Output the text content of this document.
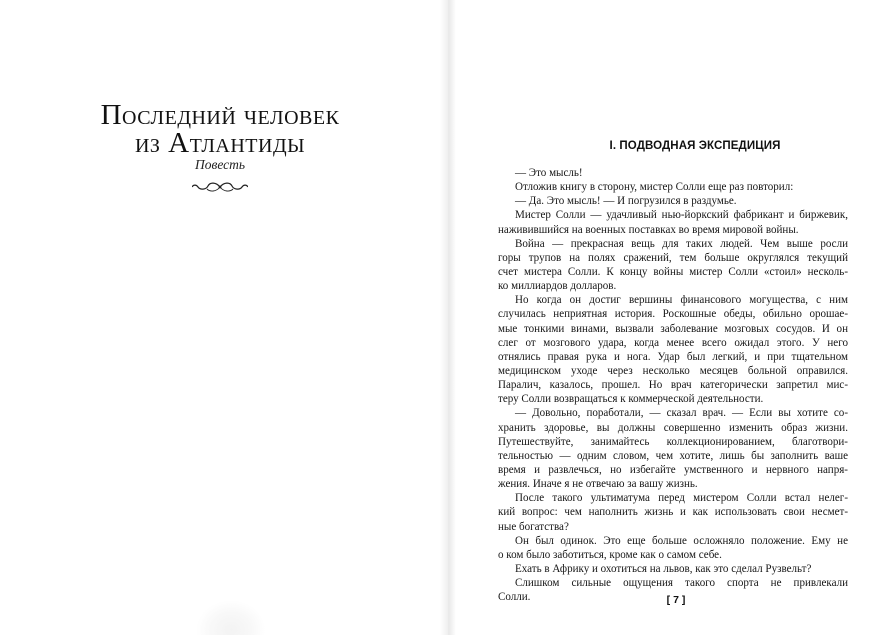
Последний человек
из Атлантиды
Повесть
I. ПОДВОДНАЯ ЭКСПЕДИЦИЯ
— Это мысль!
Отложив книгу в сторону, мистер Солли еще раз повторил:
— Да. Это мысль! — И погрузился в раздумье.
Мистер Солли — удачливый нью-йоркский фабрикант и биржевик,
наживившийся на военных поставках во время мировой войны.
Война — прекрасная вещь для таких людей. Чем выше росли
горы трупов на полях сражений, тем больше округлялся текущий
счет мистера Солли. К концу войны мистер Солли «стоил» несколь-
ко миллиардов долларов.
Но когда он достиг вершины финансового могущества, с ним
случилась неприятная история. Роскошные обеды, обильно орошае-
мые тонкими винами, вызвали заболевание мозговых сосудов. И он
слег от мозгового удара, когда менее всего ожидал этого. У него
отнялись правая рука и нога. Удар был легкий, и при тщательном
медицинском уходе через несколько месяцев больной оправился.
Паралич, казалось, прошел. Но врач категорически запретил мис-
теру Солли возвращаться к коммерческой деятельности.
— Довольно, поработали, — сказал врач. — Если вы хотите со-
хранить здоровье, вы должны совершенно изменить образ жизни.
Путешествуйте, занимайтесь коллекционированием, благотвори-
тельностью — одним словом, чем хотите, лишь бы заполнить ваше
время и развлечься, но избегайте умственного и нервного напря-
жения. Иначе я не отвечаю за вашу жизнь.
После такого ультиматума перед мистером Солли встал нелег-
кий вопрос: чем наполнить жизнь и как использовать свои несмет-
ные богатства?
Он был одинок. Это еще больше осложняло положение. Ему не
о ком было заботиться, кроме как о самом себе.
Ехать в Африку и охотиться на львов, как это сделал Рузвельт?
Слишком сильные ощущения такого спорта не привлекали
Солли.	[ 7 ]
